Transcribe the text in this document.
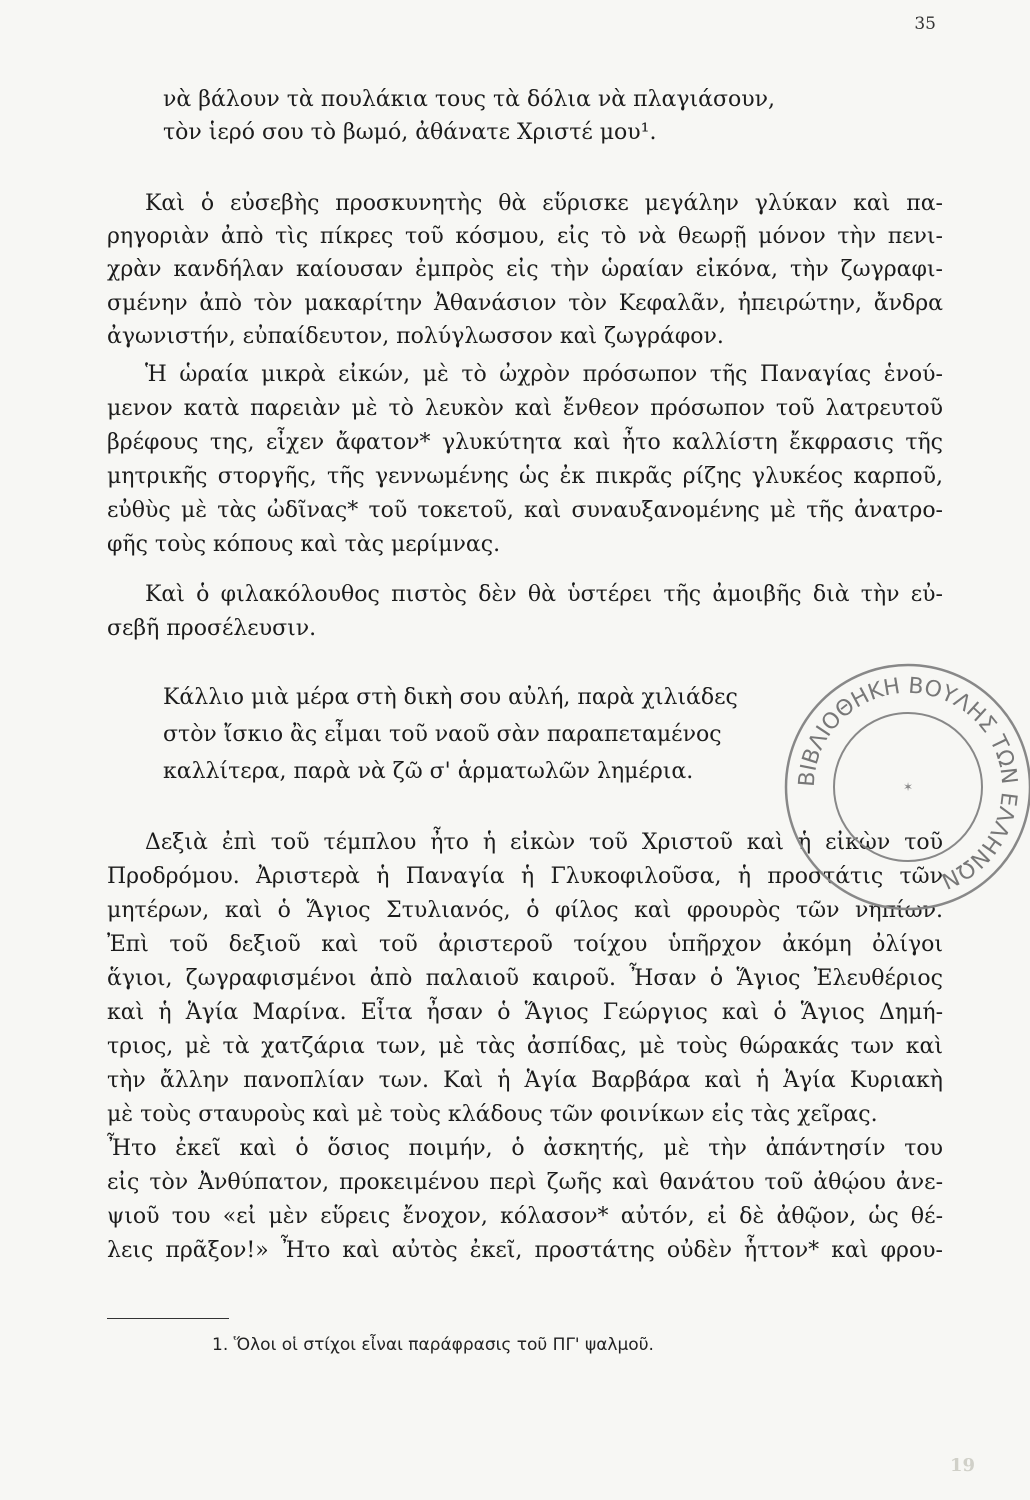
35
νὰ βάλουν τὰ πουλάκια τους τὰ δόλια νὰ πλαγιάσουν,
τὸν ἱερό σου τὸ βωμό, ἀθάνατε Χριστέ μου¹.
Καὶ ὁ εὐσεβὴς προσκυνητὴς θὰ εὕρισκε μεγάλην γλύκαν καὶ πα-
ρηγοριὰν ἀπὸ τὶς πίκρες τοῦ κόσμου, εἰς τὸ νὰ θεωρῇ μόνον τὴν πενι-
χρὰν κανδήλαν καίουσαν ἐμπρὸς εἰς τὴν ὡραίαν εἰκόνα, τὴν ζωγραφι-
σμένην ἀπὸ τὸν μακαρίτην Ἀθανάσιον τὸν Κεφαλᾶν, ἠπειρώτην, ἄνδρα
ἀγωνιστήν, εὐπαίδευτον, πολύγλωσσον καὶ ζωγράφον.
Ἡ ὡραία μικρὰ εἰκών, μὲ τὸ ὠχρὸν πρόσωπον τῆς Παναγίας ἑνού-
μενον κατὰ παρειὰν μὲ τὸ λευκὸν καὶ ἔνθεον πρόσωπον τοῦ λατρευτοῦ
βρέφους της, εἶχεν ἄφατον* γλυκύτητα καὶ ἦτο καλλίστη ἔκφρασις τῆς
μητρικῆς στοργῆς, τῆς γεννωμένης ὡς ἐκ πικρᾶς ρίζης γλυκέος καρποῦ,
εὐθὺς μὲ τὰς ὠδῖνας* τοῦ τοκετοῦ, καὶ συναυξανομένης μὲ τῆς ἀνατρο-
φῆς τοὺς κόπους καὶ τὰς μερίμνας.
Καὶ ὁ φιλακόλουθος πιστὸς δὲν θὰ ὑστέρει τῆς ἀμοιβῆς διὰ τὴν εὐ-
σεβῆ προσέλευσιν.
Κάλλιο μιὰ μέρα στὴ δικὴ σου αὐλή, παρὰ χιλιάδες
στὸν ἴσκιο ἂς εἶμαι τοῦ ναοῦ σὰν παραπεταμένος
καλλίτερα, παρὰ νὰ ζῶ σ' ἁρματωλῶν λημέρια.
Δεξιὰ ἐπὶ τοῦ τέμπλου ἦτο ἡ εἰκὼν τοῦ Χριστοῦ καὶ ἡ εἰκὼν τοῦ
Προδρόμου. Ἀριστερὰ ἡ Παναγία ἡ Γλυκοφιλοῦσα, ἡ προστάτις τῶν
μητέρων, καὶ ὁ Ἅγιος Στυλιανός, ὁ φίλος καὶ φρουρὸς τῶν νηπίων.
Ἐπὶ τοῦ δεξιοῦ καὶ τοῦ ἀριστεροῦ τοίχου ὑπῆρχον ἀκόμη ὀλίγοι
ἅγιοι, ζωγραφισμένοι ἀπὸ παλαιοῦ καιροῦ. Ἦσαν ὁ Ἅγιος Ἐλευθέριος
καὶ ἡ Ἁγία Μαρίνα. Εἶτα ἦσαν ὁ Ἅγιος Γεώργιος καὶ ὁ Ἅγιος Δημή-
τριος, μὲ τὰ χατζάρια των, μὲ τὰς ἀσπίδας, μὲ τοὺς θώρακάς των καὶ
τὴν ἄλλην πανοπλίαν των. Καὶ ἡ Ἁγία Βαρβάρα καὶ ἡ Ἁγία Κυριακὴ
μὲ τοὺς σταυροὺς καὶ μὲ τοὺς κλάδους τῶν φοινίκων εἰς τὰς χεῖρας.
Ἦτο ἐκεῖ καὶ ὁ ὅσιος ποιμήν, ὁ ἀσκητής, μὲ τὴν ἀπάντησίν του
εἰς τὸν Ἀνθύπατον, προκειμένου περὶ ζωῆς καὶ θανάτου τοῦ ἀθῴου ἀνε-
ψιοῦ του «εἰ μὲν εὕρεις ἔνοχον, κόλασον* αὐτόν, εἰ δὲ ἀθῷον, ὡς θέ-
λεις πρᾶξον!» Ἦτο καὶ αὐτὸς ἐκεῖ, προστάτης οὐδὲν ἧττον* καὶ φρου-
1. Ὅλοι οἱ στίχοι εἶναι παράφρασις τοῦ ΠΓ' ψαλμοῦ.
ΒΙΒΛΙΟΘΗΚΗ ΒΟΥΛΗΣ ΤΩΝ ΕΛΛΗΝΩΝ
✶
19
